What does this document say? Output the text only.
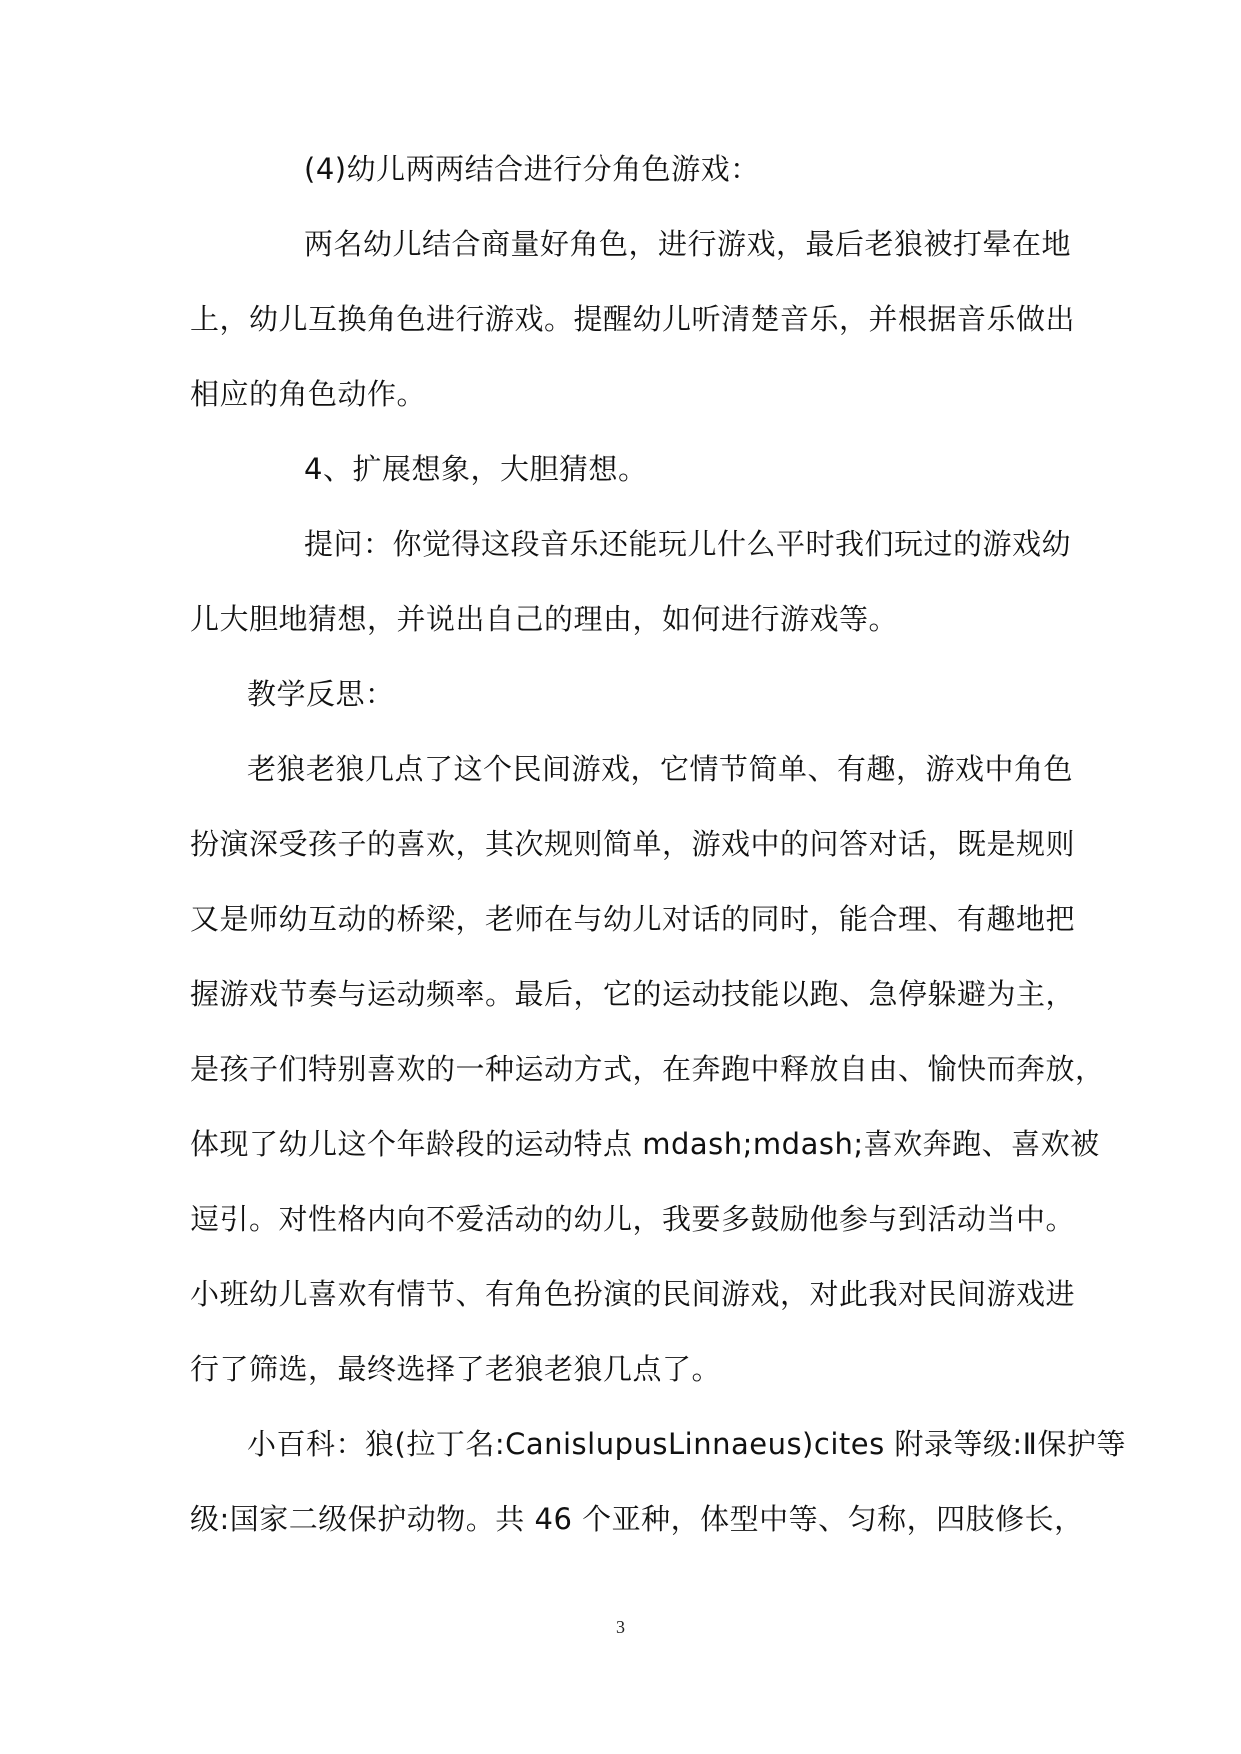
(4)幼儿两两结合进行分角色游戏：
两名幼儿结合商量好角色，进行游戏，最后老狼被打晕在地
上，幼儿互换角色进行游戏。提醒幼儿听清楚音乐，并根据音乐做出
相应的角色动作。
4、扩展想象，大胆猜想。
提问：你觉得这段音乐还能玩儿什么平时我们玩过的游戏幼
儿大胆地猜想，并说出自己的理由，如何进行游戏等。
教学反思：
老狼老狼几点了这个民间游戏，它情节简单、有趣，游戏中角色
扮演深受孩子的喜欢，其次规则简单，游戏中的问答对话，既是规则
又是师幼互动的桥梁，老师在与幼儿对话的同时，能合理、有趣地把
握游戏节奏与运动频率。最后，它的运动技能以跑、急停躲避为主，
是孩子们特别喜欢的一种运动方式，在奔跑中释放自由、愉快而奔放，
体现了幼儿这个年龄段的运动特点 mdash;mdash;喜欢奔跑、喜欢被
逗引。对性格内向不爱活动的幼儿，我要多鼓励他参与到活动当中。
小班幼儿喜欢有情节、有角色扮演的民间游戏，对此我对民间游戏进
行了筛选，最终选择了老狼老狼几点了。
小百科：狼(拉丁名:CanislupusLinnaeus)cites 附录等级:Ⅱ保护等
级:国家二级保护动物。共 46 个亚种，体型中等、匀称，四肢修长，
3
